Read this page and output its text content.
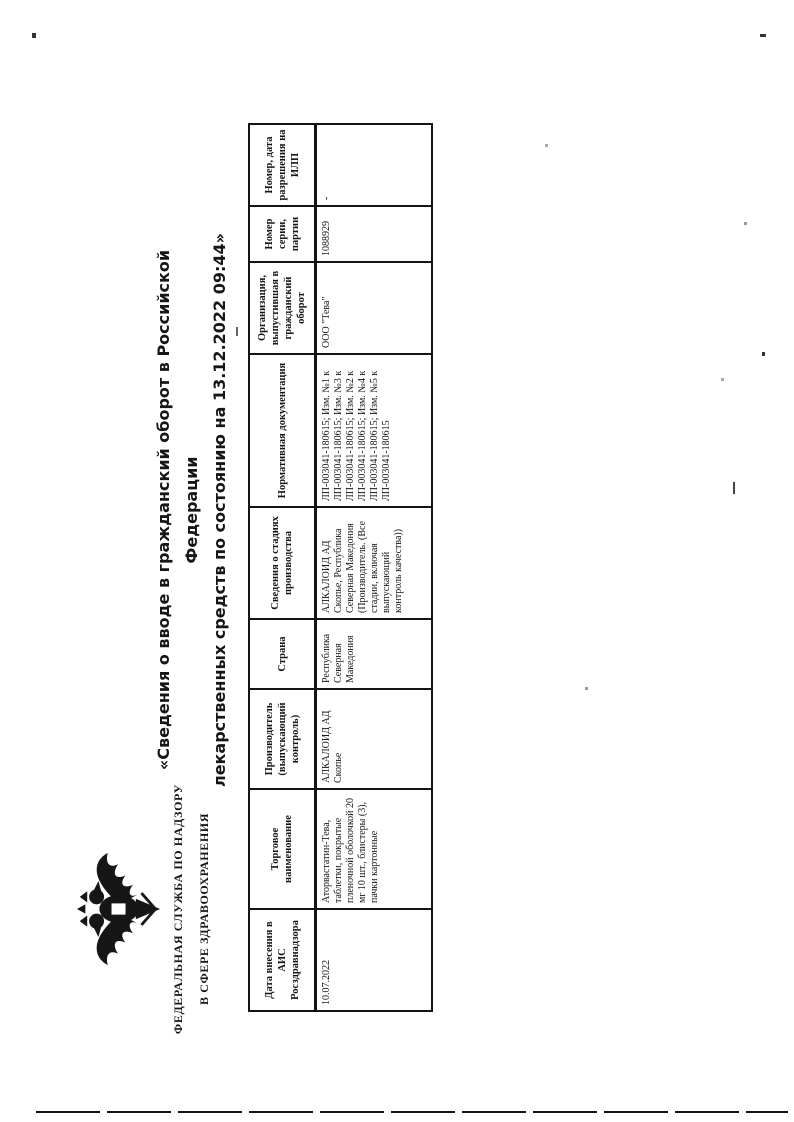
ФЕДЕРАЛЬНАЯ СЛУЖБА ПО НАДЗОРУ В СФЕРЕ ЗДРАВООХРАНЕНИЯ
«Сведения о вводе в гражданский оборот в Российской Федерации лекарственных средств по состоянию на 13.12.2022 09:44»
Дата внесения в АИС Росздравнадзора	Торговое наименование	Производитель (выпускающий контроль)	Страна	Сведения о стадиях производства	Нормативная документация	Организация, выпустившая в гражданский оборот	Номер серии, партии	Номер, дата разрешения на ИЛП
10.07.2022	Аторвастатин-Тева, таблетки, покрытые пленочной оболочкой 20 мг 10 шт., блистеры (3), пачки картонные	АЛКАЛОИД АД Скопье	Республика Северная Македония	АЛКАЛОИД АД Скопье, Республика Северная Македония (Производитель. (Все стадии, включая выпускающий контроль качества))	ЛП-003041-180615; Изм. №1 к ЛП-003041-180615; Изм. №3 к ЛП-003041-180615; Изм. №2 к ЛП-003041-180615; Изм. №4 к ЛП-003041-180615; Изм. №5 к ЛП-003041-180615	ООО "Тева"	1088929	-
